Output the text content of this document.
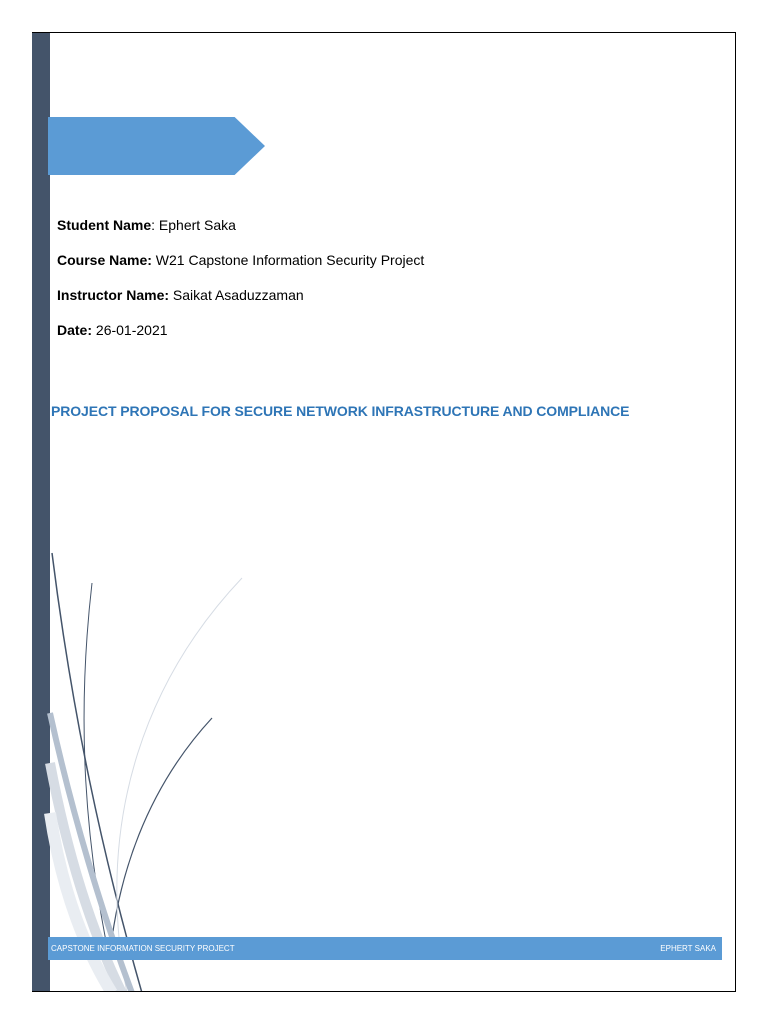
Student Name: Ephert Saka
Course Name: W21 Capstone Information Security Project
Instructor Name: Saikat Asaduzzaman
Date: 26-01-2021
PROJECT PROPOSAL FOR SECURE NETWORK INFRASTRUCTURE AND COMPLIANCE
CAPSTONE INFORMATION SECURITY PROJECT	EPHERT SAKA
